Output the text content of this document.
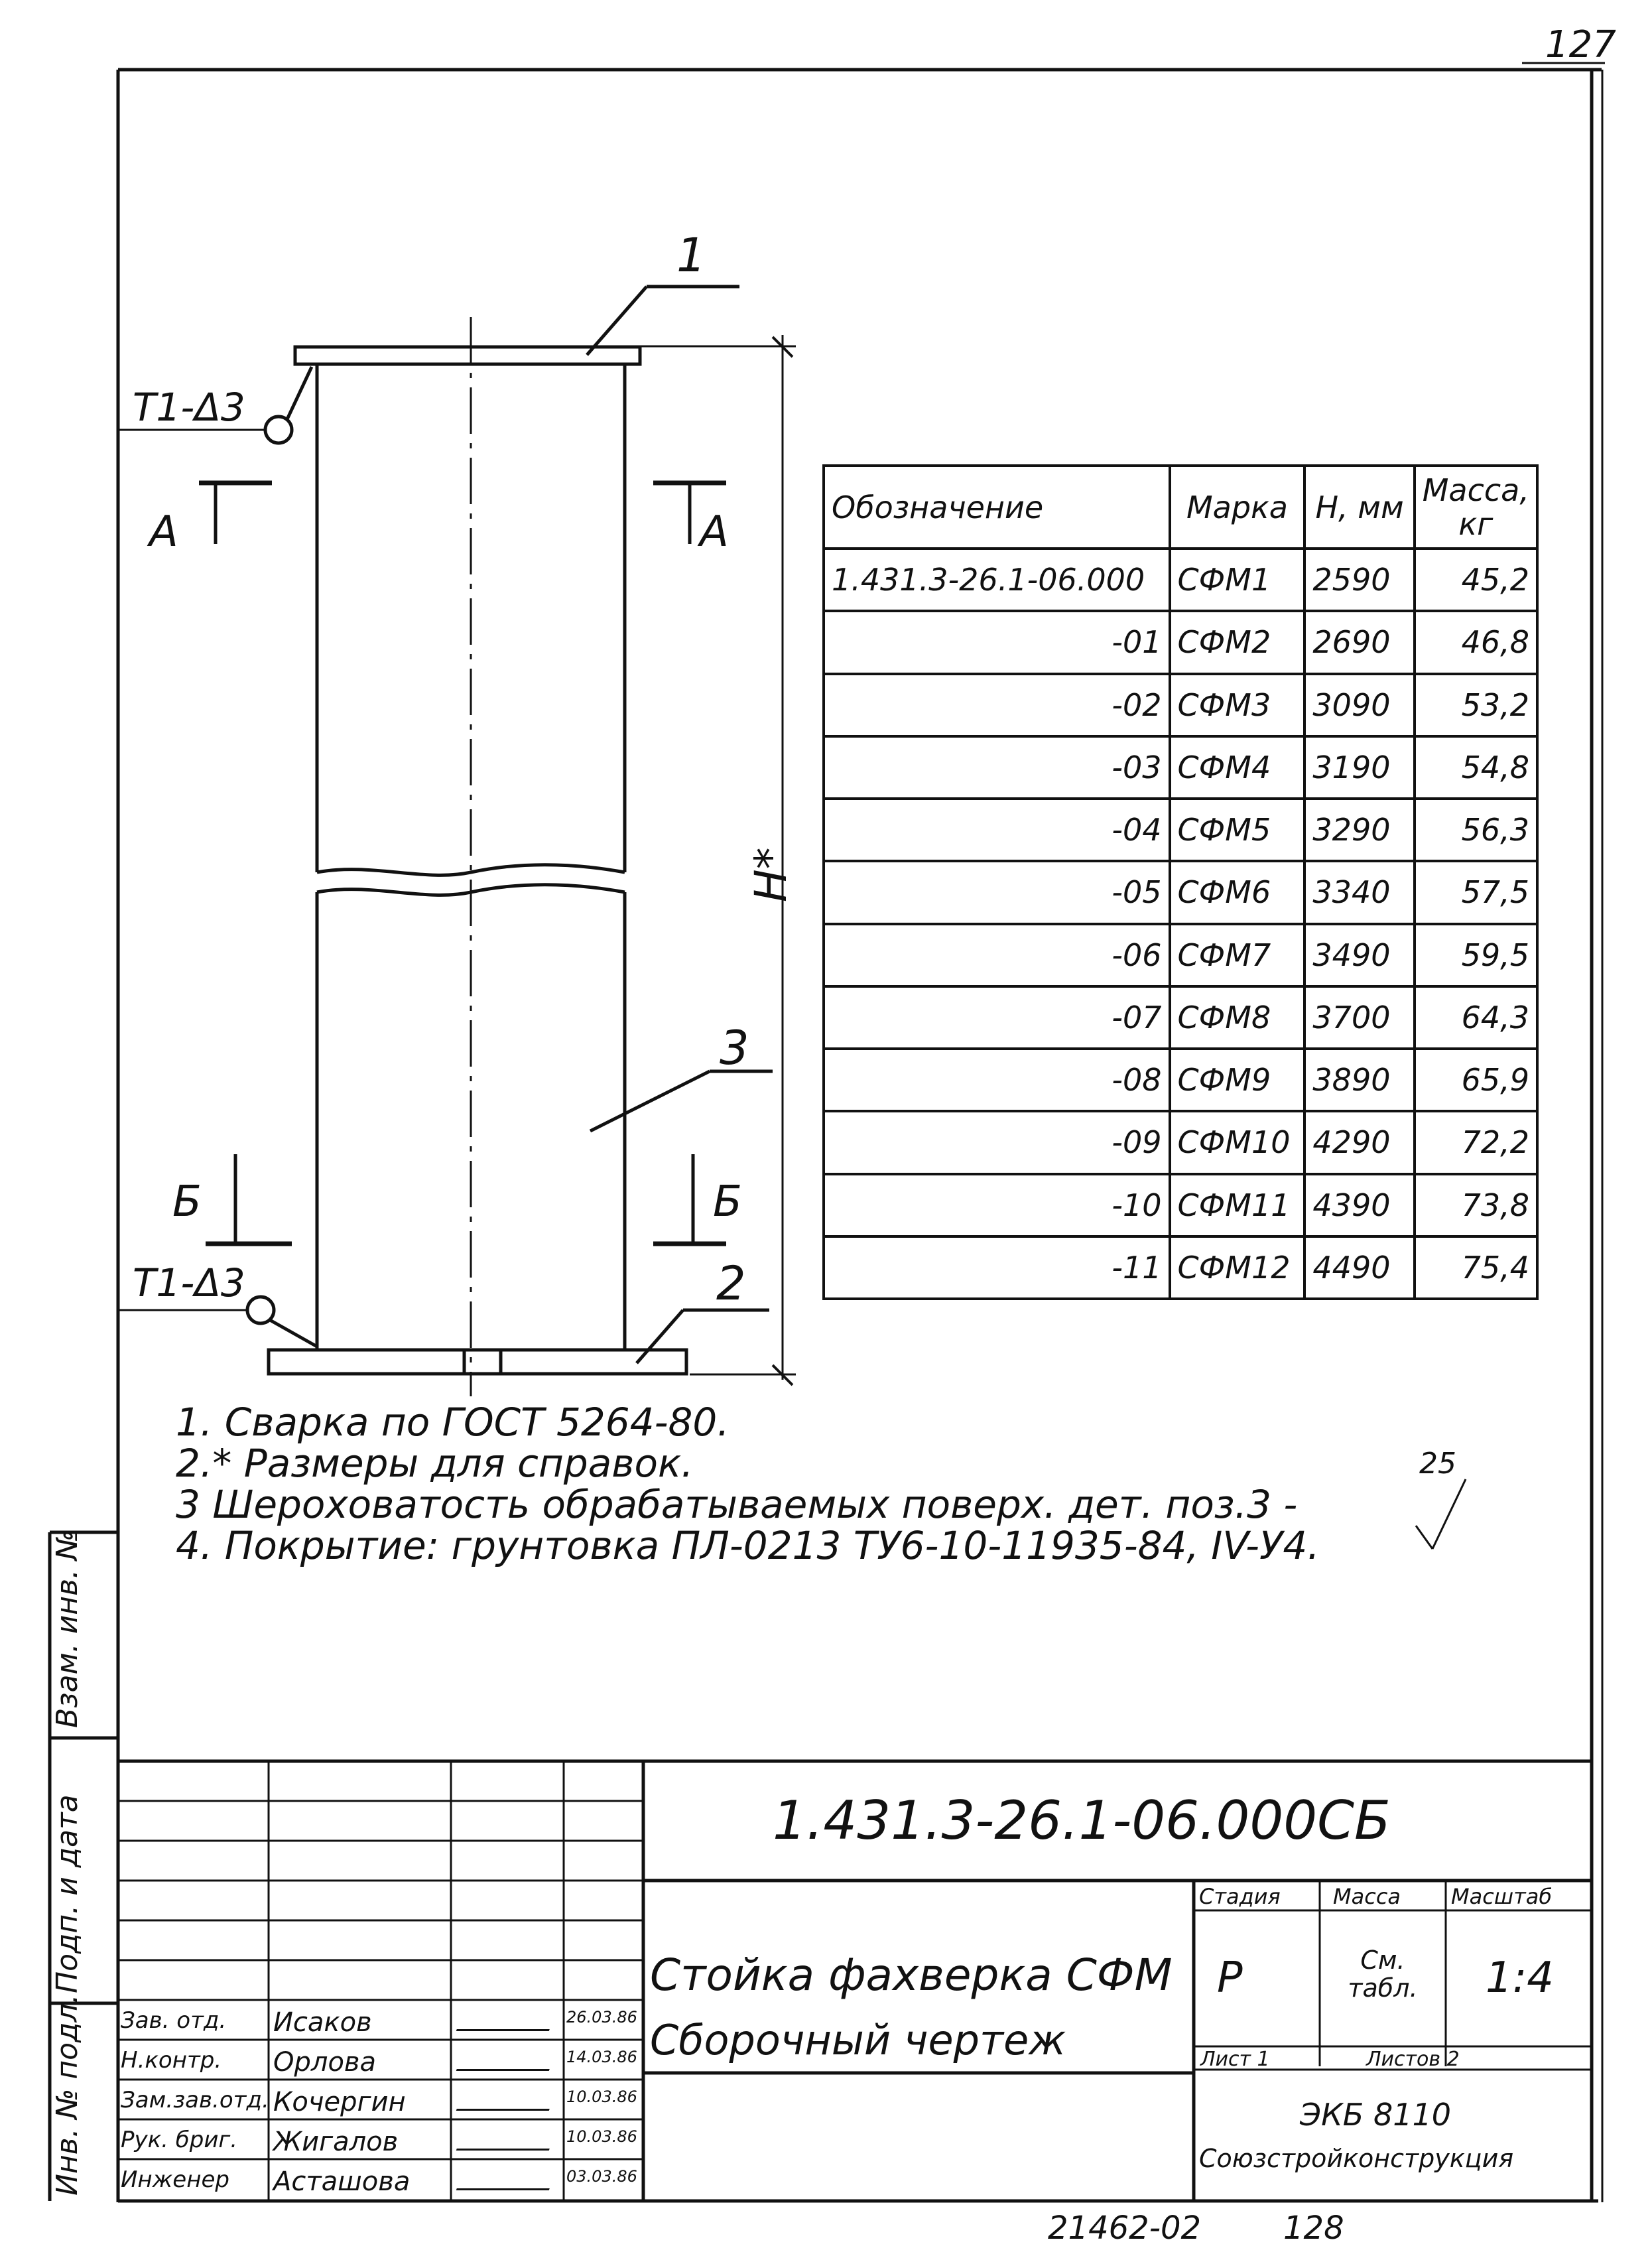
127
1
Т1-Δ3
А	А
Н*
3
Б	Б
Т1-Δ3	2
Обозначение	Марка	Н, мм	Масса, кг
1.431.3-26.1-06.000	СФМ1	2590	45,2
-01	СФМ2	2690	46,8
-02	СФМ3	3090	53,2
-03	СФМ4	3190	54,8
-04	СФМ5	3290	56,3
-05	СФМ6	3340	57,5
-06	СФМ7	3490	59,5
-07	СФМ8	3700	64,3
-08	СФМ9	3890	65,9
-09	СФМ10	4290	72,2
-10	СФМ11	4390	73,8
-11	СФМ12	4490	75,4
1. Сварка по ГОСТ 5264-80.
2.* Размеры для справок.
3 Шероховатость обрабатываемых поверх. дет. поз.3 -
4. Покрытие: грунтовка ПЛ-0213 ТУ6-10-11935-84, IV-У4.
25
Инв. № подл.
Подп. и дата
Взам. инв. №
1.431.3-26.1-06.000СБ
Стойка фахверка СФМ
Сборочный чертеж
Стадия Масса Масштаб
Р	См. табл.	1:4
Лист 1	Листов 2
ЭКБ 8110
Союзстройконструкция
Зав. отд. Исаков	26.03.86
Н.контр. Орлова	14.03.86
Зам.зав.отд. Кочергин	10.03.86
Рук. бриг. Жигалов	10.03.86
Инженер Асташова	03.03.86
21462-02	128
